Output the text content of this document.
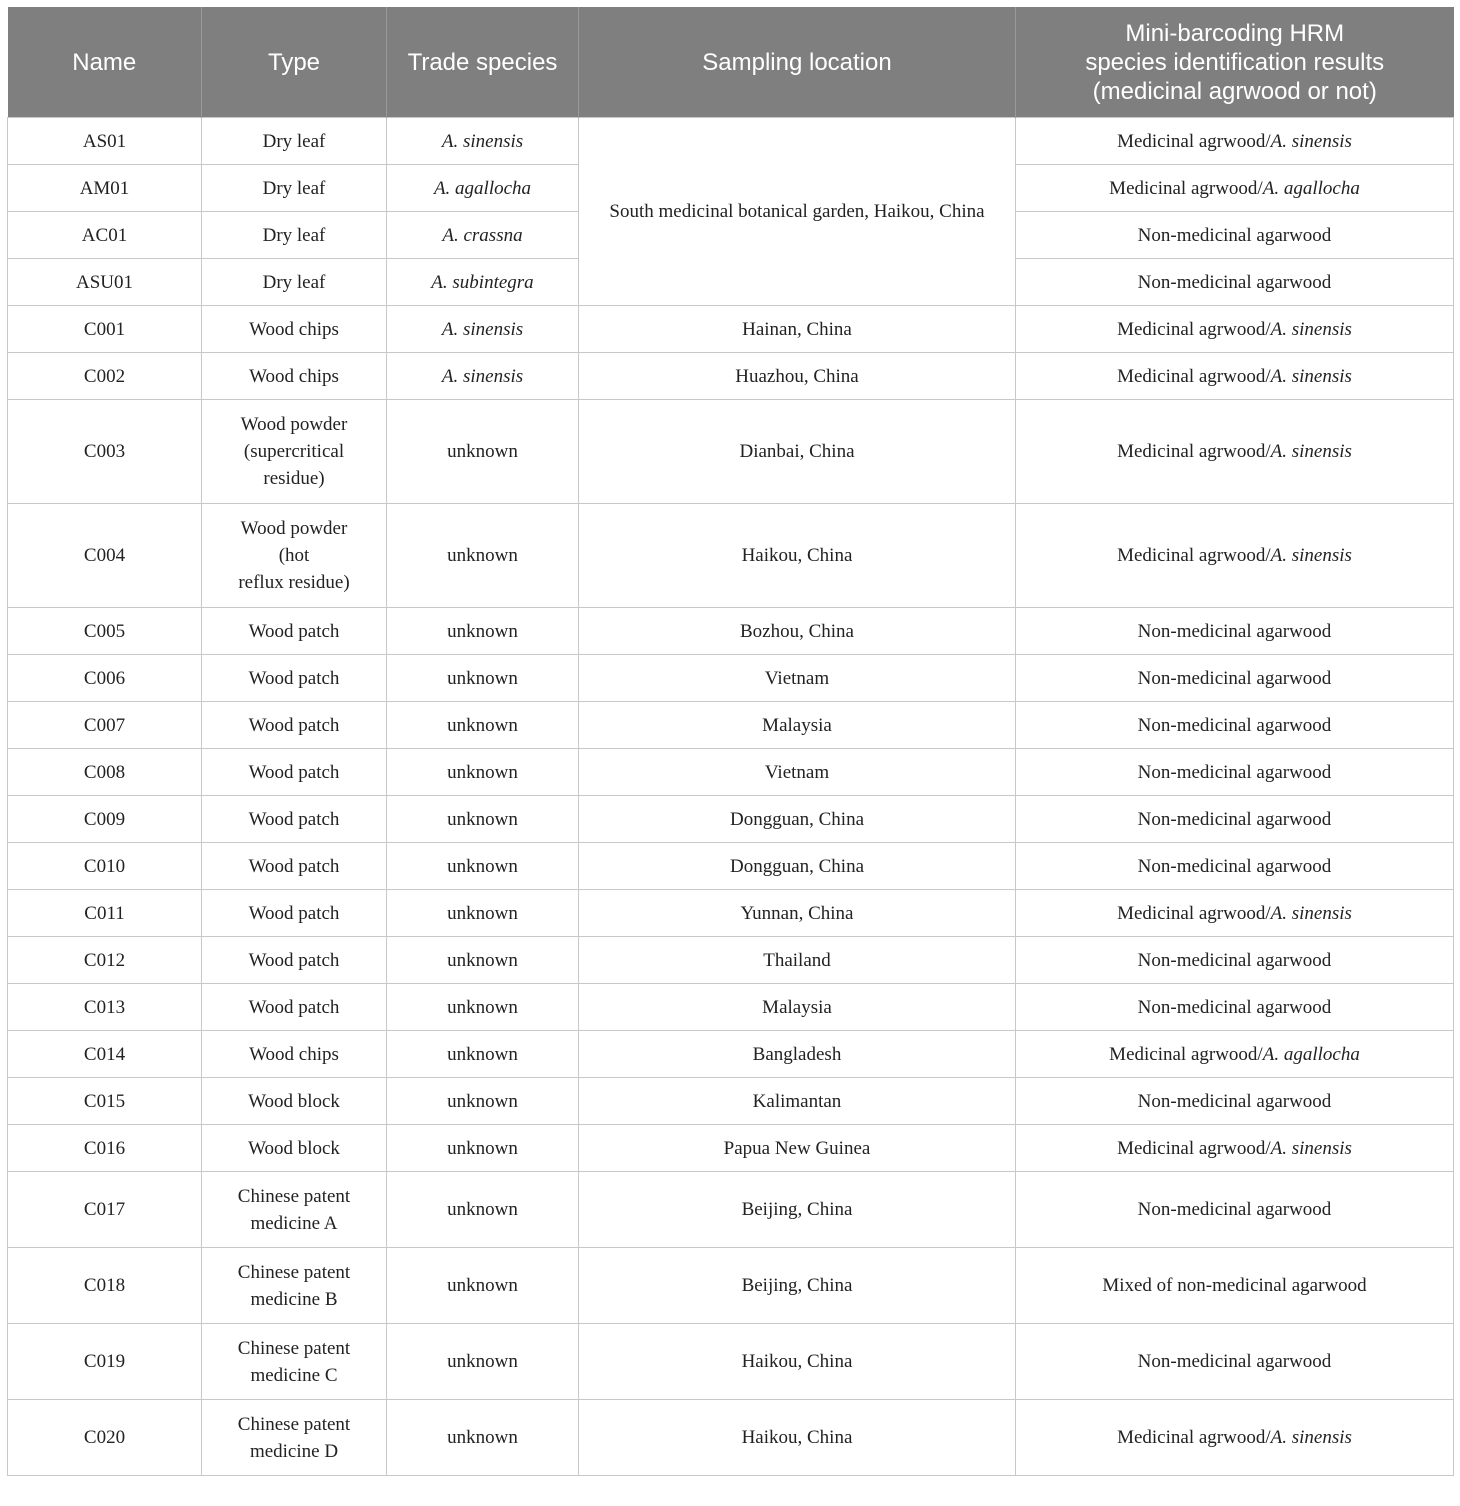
Name	Type	Trade species	Sampling location	Mini-barcoding HRM
species identification results
(medicinal agrwood or not)

AS01	Dry leaf	A. sinensis	South medicinal botanical garden, Haikou, China	Medicinal agrwood/A. sinensis
AM01	Dry leaf	A. agallocha		Medicinal agrwood/A. agallocha
AC01	Dry leaf	A. crassna		Non-medicinal agarwood
ASU01	Dry leaf	A. subintegra		Non-medicinal agarwood
C001	Wood chips	A. sinensis	Hainan, China	Medicinal agrwood/A. sinensis
C002	Wood chips	A. sinensis	Huazhou, China	Medicinal agrwood/A. sinensis
C003	Wood powder
(supercritical
residue)	unknown	Dianbai, China	Medicinal agrwood/A. sinensis
C004	Wood powder
(hot
reflux residue)	unknown	Haikou, China	Medicinal agrwood/A. sinensis
C005	Wood patch	unknown	Bozhou, China	Non-medicinal agarwood
C006	Wood patch	unknown	Vietnam	Non-medicinal agarwood
C007	Wood patch	unknown	Malaysia	Non-medicinal agarwood
C008	Wood patch	unknown	Vietnam	Non-medicinal agarwood
C009	Wood patch	unknown	Dongguan, China	Non-medicinal agarwood
C010	Wood patch	unknown	Dongguan, China	Non-medicinal agarwood
C011	Wood patch	unknown	Yunnan, China	Medicinal agrwood/A. sinensis
C012	Wood patch	unknown	Thailand	Non-medicinal agarwood
C013	Wood patch	unknown	Malaysia	Non-medicinal agarwood
C014	Wood chips	unknown	Bangladesh	Medicinal agrwood/A. agallocha
C015	Wood block	unknown	Kalimantan	Non-medicinal agarwood
C016	Wood block	unknown	Papua New Guinea	Medicinal agrwood/A. sinensis
C017	Chinese patent
medicine A	unknown	Beijing, China	Non-medicinal agarwood
C018	Chinese patent
medicine B	unknown	Beijing, China	Mixed of non-medicinal agarwood
C019	Chinese patent
medicine C	unknown	Haikou, China	Non-medicinal agarwood
C020	Chinese patent
medicine D	unknown	Haikou, China	Medicinal agrwood/A. sinensis
